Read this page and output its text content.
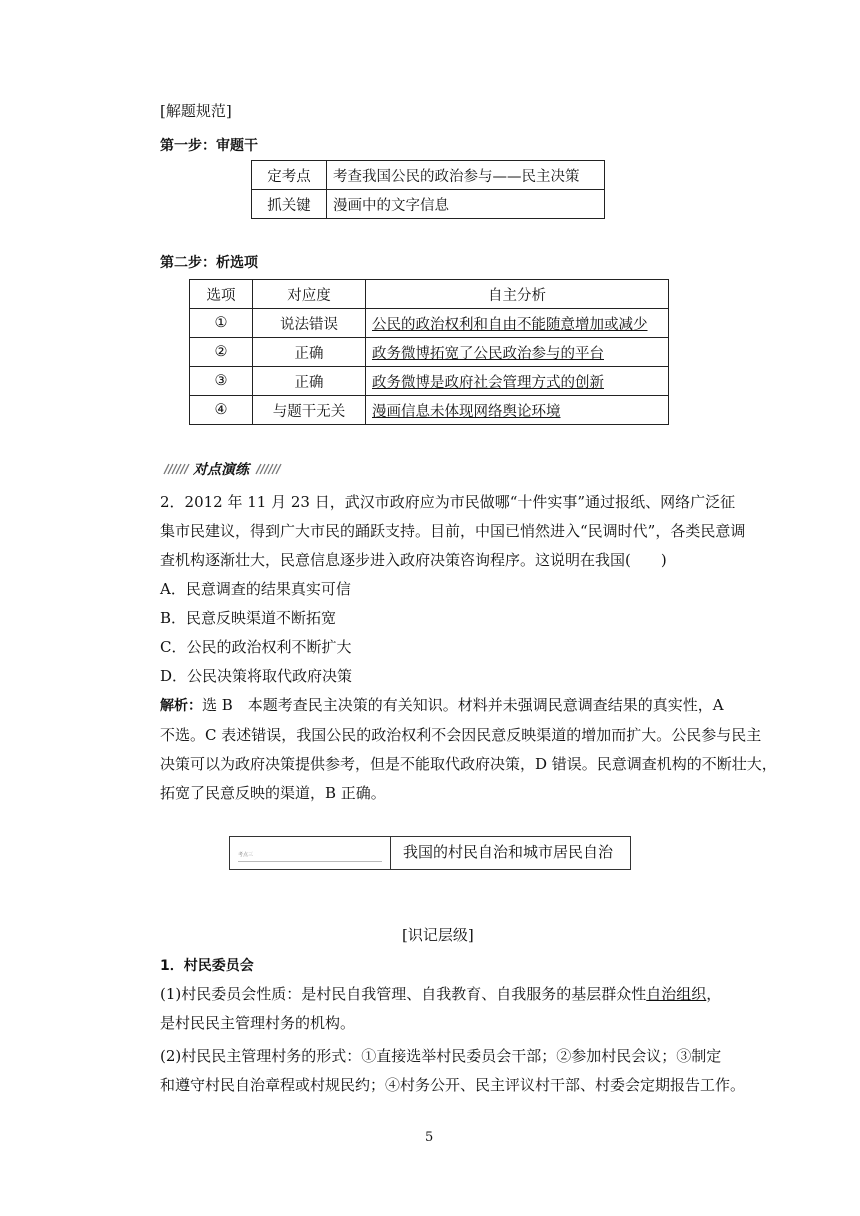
[解题规范]
第一步：审题干
定考点	考查我国公民的政治参与——民主决策
抓关键	漫画中的文字信息
第二步：析选项
选项	对应度	自主分析
①	说法错误	公民的政治权利和自由不能随意增加或减少
②	正确	政务微博拓宽了公民政治参与的平台
③	正确	政务微博是政府社会管理方式的创新
④	与题干无关	漫画信息未体现网络舆论环境
对点演练
2．2012 年 11 月 23 日，武汉市政府应为市民做哪“十件实事”通过报纸、网络广泛征
集市民建议，得到广大市民的踊跃支持。目前，中国已悄然进入“民调时代”，各类民意调
查机构逐渐壮大，民意信息逐步进入政府决策咨询程序。这说明在我国(　　)
A．民意调查的结果真实可信
B．民意反映渠道不断拓宽
C．公民的政治权利不断扩大
D．公民决策将取代政府决策
解析：选 B　本题考查民主决策的有关知识。材料并未强调民意调查结果的真实性，A
不选。C 表述错误，我国公民的政治权利不会因民意反映渠道的增加而扩大。公民参与民主
决策可以为政府决策提供参考，但是不能取代政府决策，D 错误。民意调查机构的不断壮大，
拓宽了民意反映的渠道，B 正确。
考点三	我国的村民自治和城市居民自治
[识记层级]
1．村民委员会
(1)村民委员会性质：是村民自我管理、自我教育、自我服务的基层群众性自治组织，
是村民民主管理村务的机构。
(2)村民民主管理村务的形式：①直接选举村民委员会干部；②参加村民会议；③制定
和遵守村民自治章程或村规民约；④村务公开、民主评议村干部、村委会定期报告工作。
5
